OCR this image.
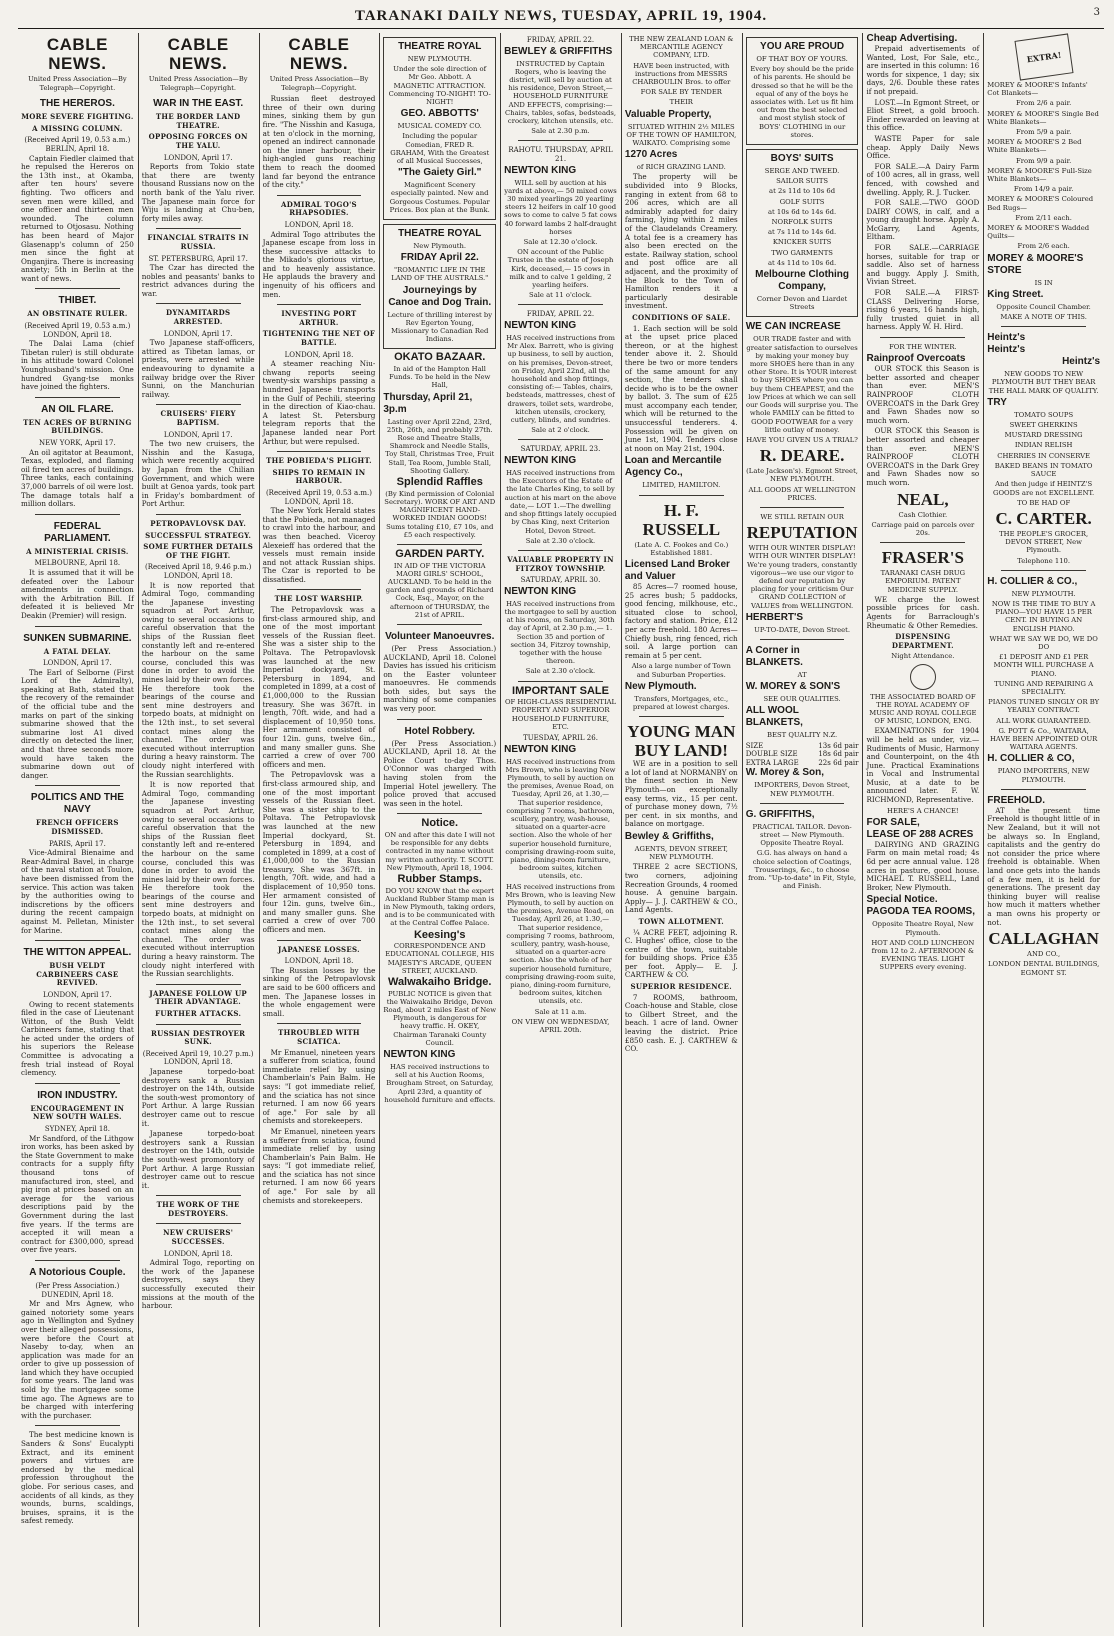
TARANAKI DAILY NEWS, TUESDAY, APRIL 19, 1904.	3
CABLE NEWS.
United Press Association—By Telegraph—Copyright.
THE HEREROS.
MORE SEVERE FIGHTING.
A MISSING COLUMN.
(Received April 19, 0.53 a.m.) BERLIN, April 18.

Captain Fiedler claimed that he repulsed the Hereros on the 13th inst., at Okamba, after ten hours' severe fighting. Two officers and seven men were killed, and one officer and thirteen men wounded. The column returned to Otjosasu. Nothing has been heard of Major Glasenapp's column of 250 men since the fight at Onganjira. There is increasing anxiety; 5th in Berlin at the want of news.

THIBET.
AN OBSTINATE RULER.
(Received April 19, 0.53 a.m.) LONDON, April 18.

The Dalai Lama (chief Tibetan ruler) is still obdurate in his attitude toward Colonel Younghusband's mission. One hundred Gyang-tse monks have joined the fighters.

AN OIL FLARE.
TEN ACRES OF BURNING BUILDINGS.
NEW YORK, April 17.

An oil agitator at Beaumont, Texas, exploded, and flaming oil fired ten acres of buildings. Three tanks, each containing 37,000 barrels of oil were lost. The damage totals half a million dollars.

FEDERAL PARLIAMENT.
A MINISTERIAL CRISIS.
MELBOURNE, April 18.

It is assumed that it will be defeated over the Labour amendments in connection with the Arbitration Bill. If defeated it is believed Mr Deakin (Premier) will resign.

SUNKEN SUBMARINE.
A FATAL DELAY.
LONDON, April 17.

The Earl of Selborne (First Lord of the Admiralty), speaking at Bath, stated that the recovery of the remainder of the official tube and the marks on part of the sinking submarine showed that the submarine lost A1 dived directly on detected the liner, and that three seconds more would have taken the submarine down out of danger.

POLITICS AND THE NAVY
FRENCH OFFICERS DISMISSED.
PARIS, April 17.

Vice-Admiral Bienaime and Rear-Admiral Bavel, in charge of the naval station at Toulon, have been dismissed from the service. This action was taken by the authorities owing to indiscretions by the officers during the recent campaign against M. Pelletan, Minister for Marine.

THE WITTON APPEAL.
BUSH VELDT CARBINEERS CASE REVIVED.
LONDON, April 17.

Owing to recent statements filed in the case of Lieutenant Witton, of the Bush Veldt Carbineers fame, stating that he acted under the orders of his superiors the Release Committee is advocating a fresh trial instead of Royal clemency.

IRON INDUSTRY.
ENCOURAGEMENT IN NEW SOUTH WALES.
SYDNEY, April 18.

Mr Sandford, of the Lithgow iron works, has been asked by the State Government to make contracts for a supply fifty thousand tons of manufactured iron, steel, and pig iron at prices based on an average for the various descriptions paid by the Government during the last five years. If the terms are accepted it will mean a contract for £300,000, spread over five years.

A Notorious Couple.
(Per Press Association.) DUNEDIN, April 18.

Mr and Mrs Agnew, who gained notoriety some years ago in Wellington and Sydney over their alleged possessions, were before the Court at Naseby to-day, when an application was made for an order to give up possession of land which they have occupied for some years. The land was sold by the mortgagee some time ago. The Agnews are to be charged with interfering with the purchaser.

The best medicine known is Sanders & Sons' Eucalypti Extract, and its eminent powers and virtues are endorsed by the medical profession throughout the globe. For serious cases, and accidents of all kinds, as they wounds, burns, scaldings, bruises, sprains, it is the safest remedy.

CABLE NEWS.
United Press Association—By Telegraph—Copyright.
WAR IN THE EAST.
THE BORDER LAND THEATRE.
OPPOSING FORCES ON THE YALU.
LONDON, April 17.

Reports from Tokio state that there are twenty thousand Russians now on the north bank of the Yalu river. The Japanese main force for Wiju is landing at Chu-ben, forty miles away.

FINANCIAL STRAITS IN RUSSIA.
ST. PETERSBURG, April 17.

The Czar has directed the nobles and peasants' banks to restrict advances during the war.

DYNAMITARDS ARRESTED.
LONDON, April 17.

Two Japanese staff-officers, attired as Tibetan lamas, or priests, were arrested while endeavouring to dynamite a railway bridge over the River Sunni, on the Manchurian railway.

CRUISERS' FIERY BAPTISM.
LONDON, April 17.

The two new cruisers, the Nisshin and the Kasuga, which were recently acquired by Japan from the Chilian Government, and which were built at Genoa yards, took part in Friday's bombardment of Port Arthur.

PETROPAVLOVSK DAY.
SUCCESSFUL STRATEGY.
SOME FURTHER DETAILS OF THE FIGHT.
(Received April 18, 9.46 p.m.) LONDON, April 18.

It is now reported that Admiral Togo, commanding the Japanese investing squadron at Port Arthur, owing to several occasions to careful observation that the ships of the Russian fleet constantly left and re-entered the harbour on the same course, concluded this was done in order to avoid the mines laid by their own forces. He therefore took the bearings of the course and sent mine destroyers and torpedo boats, at midnight on the 12th inst., to set several contact mines along the channel. The order was executed without interruption during a heavy rainstorm. The cloudy night interfered with the Russian searchlights.

It is now reported that Admiral Togo, commanding the Japanese investing squadron at Port Arthur, owing to several occasions to careful observation that the ships of the Russian fleet constantly left and re-entered the harbour on the same course, concluded this was done in order to avoid the mines laid by their own forces. He therefore took the bearings of the course and sent mine destroyers and torpedo boats, at midnight on the 12th inst., to set several contact mines along the channel. The order was executed without interruption during a heavy rainstorm. The cloudy night interfered with the Russian searchlights.

JAPANESE FOLLOW UP THEIR ADVANTAGE.
FURTHER ATTACKS.
RUSSIAN DESTROYER SUNK.
(Received April 19, 10.27 p.m.) LONDON, April 18.

Japanese torpedo-boat destroyers sank a Russian destroyer on the 14th, outside the south-west promontory of Port Arthur. A large Russian destroyer came out to rescue it.

Japanese torpedo-boat destroyers sank a Russian destroyer on the 14th, outside the south-west promontory of Port Arthur. A large Russian destroyer came out to rescue it.

THE WORK OF THE DESTROYERS.
NEW CRUISERS' SUCCESSES.
LONDON, April 18.

Admiral Togo, reporting on the work of the Japanese destroyers, says they successfully executed their missions at the mouth of the harbour.

CABLE NEWS.
United Press Association—By Telegraph—Copyright.

Russian fleet destroyed three of their own during mines, sinking them by gun fire. "The Nisshin and Kasuga, at ten o'clock in the morning, opened an indirect cannonade on the inner harbour, their high-angled guns reaching them to reach the doomed land far beyond the entrance of the city."

ADMIRAL TOGO'S RHAPSODIES.
LONDON, April 18.

Admiral Togo attributes the Japanese escape from loss in these successive attacks to the Mikado's glorious virtue, and to heavenly assistance. He applauds the bravery and ingenuity of his officers and men.

INVESTING PORT ARTHUR.
TIGHTENING THE NET OF BATTLE.
LONDON, April 18.

A steamer reaching Niu-chwang reports seeing twenty-six warships passing a hundred Japanese transports in the Gulf of Pechili, steering in the direction of Kiao-chau. A latest St. Petersburg telegram reports that the Japanese landed near Port Arthur, but were repulsed.

THE POBIEDA'S PLIGHT.
SHIPS TO REMAIN IN HARBOUR.
(Received April 19, 0.53 a.m.) LONDON, April 18.

The New York Herald states that the Pobieda, not managed to crawl into the harbour, and was then beached. Viceroy Alexeieff has ordered that the vessels must remain inside and not attack Russian ships. The Czar is reported to be dissatisfied.

THE LOST WARSHIP.

The Petropavlovsk was a first-class armoured ship, and one of the most important vessels of the Russian fleet. She was a sister ship to the Poltava. The Petropavlovsk was launched at the new Imperial dockyard, St. Petersburg in 1894, and completed in 1899, at a cost of £1,000,000 to the Russian treasury. She was 367ft. in length, 70ft. wide, and had a displacement of 10,950 tons. Her armament consisted of four 12in. guns, twelve 6in., and many smaller guns. She carried a crew of over 700 officers and men.

The Petropavlovsk was a first-class armoured ship, and one of the most important vessels of the Russian fleet. She was a sister ship to the Poltava. The Petropavlovsk was launched at the new Imperial dockyard, St. Petersburg in 1894, and completed in 1899, at a cost of £1,000,000 to the Russian treasury. She was 367ft. in length, 70ft. wide, and had a displacement of 10,950 tons. Her armament consisted of four 12in. guns, twelve 6in., and many smaller guns. She carried a crew of over 700 officers and men.

JAPANESE LOSSES.
LONDON, April 18.

The Russian losses by the sinking of the Petropavlovsk are said to be 600 officers and men. The Japanese losses in the whole engagement were small.

THROUBLED WITH SCIATICA.

Mr Emanuel, nineteen years a sufferer from sciatica, found immediate relief by using Chamberlain's Pain Balm. He says: "I got immediate relief, and the sciatica has not since returned. I am now 66 years of age." For sale by all chemists and storekeepers.

Mr Emanuel, nineteen years a sufferer from sciatica, found immediate relief by using Chamberlain's Pain Balm. He says: "I got immediate relief, and the sciatica has not since returned. I am now 66 years of age." For sale by all chemists and storekeepers.

THEATRE ROYAL
NEW PLYMOUTH.
Under the sole direction of Mr Geo. Abbott. A MAGNETIC ATTRACTION. Commencing TO-NIGHT! TO-NIGHT!
GEO. ABBOTTS'
MUSICAL COMEDY CO.
Including the popular Comedian, FRED R. GRAHAM, With the Greatest of all Musical Successes,
"The Gaiety Girl."
Magnificent Scenery especially painted. New and Gorgeous Costumes. Popular Prices. Box plan at the Bunk.
THEATRE ROYAL
New Plymouth.
FRIDAY April 22.
"ROMANTIC LIFE IN THE LAND OF THE AUSTRALS."
Journeyings by Canoe and Dog Train.
Lecture of thrilling interest by Rev Egerton Young, Missionary to Canadian Red Indians.
OKATO BAZAAR.
In aid of the Hampton Hall Funds. To be held in the New Hall,
Thursday, April 21, 3p.m
Lasting over April 22nd, 23rd, 25th, 26th, and probably 27th. Rose and Theatre Stalls, Shamrock and Needle Stalls, Toy Stall, Christmas Tree, Fruit Stall, Tea Room, Jumble Stall, Shooting Gallery.
Splendid Raffles
(By Kind permission of Colonial Secretary). WORK OF ART AND MAGNIFICENT HAND-WORKED INDIAN GOODS! Sums totaling £10, £7 10s, and £5 each respectively.
GARDEN PARTY.
IN AID OF THE VICTORIA MAORI GIRLS' SCHOOL, AUCKLAND. To be held in the garden and grounds of Richard Cock, Esq., Mayor, on the afternoon of THURSDAY, the 21st of APRIL.
Volunteer Manoeuvres.

(Per Press Association.) AUCKLAND, April 18. Colonel Davies has issued his criticism on the Easter volunteer manoeuvres. He commends both sides, but says the marching of some companies was very poor.

Hotel Robbery.

(Per Press Association.) AUCKLAND, April 18. At the Police Court to-day Thos. O'Connor was charged with having stolen from the Imperial Hotel jewellery. The police proved that accused was seen in the hotel.

Notice.
ON and after this date I will not be responsible for any debts contracted in my name without my written authority. T. SCOTT. New Plymouth, April 18, 1904.
Rubber Stamps.
DO YOU KNOW that the expert Auckland Rubber Stamp man is in New Plymouth, taking orders, and is to be communicated with at the Central Coffee Palace.
Keesing's
CORRESPONDENCE AND EDUCATIONAL COLLEGE, HIS MAJESTY'S ARCADE, QUEEN STREET, AUCKLAND.
Walwakaiho Bridge.
PUBLIC NOTICE is given that the Waiwakaiho Bridge, Devon Road, about 2 miles East of New Plymouth, is dangerous for heavy traffic. H. OKEY, Chairman Taranaki County Council.
NEWTON KING
HAS received instructions to sell at his Auction Rooms, Brougham Street, on Saturday, April 23rd, a quantity of household furniture and effects.
FRIDAY, APRIL 22.
BEWLEY & GRIFFITHS
INSTRUCTED by Captain Rogers, who is leaving the district, will sell by auction at his residence, Devon Street,— HOUSEHOLD FURNITURE AND EFFECTS, comprising:— Chairs, tables, sofas, bedsteads, crockery, kitchen utensils, etc.
Sale at 2.30 p.m.
RAHOTU. THURSDAY, APRIL 21.
NEWTON KING
WILL sell by auction at his yards at above,— 50 mixed cows 30 mixed yearlings 20 yearling steers 12 heifers in calf 10 good sows to come to calve 5 fat cows 40 forward lambs 2 half-draught horses
Sale at 12.30 o'clock.
ON account of the Public Trustee in the estate of Joseph Kirk, deceased,— 15 cows in milk and to calve 1 gelding, 2 yearling heifers.
Sale at 11 o'clock.
FRIDAY, APRIL 22.
NEWTON KING
HAS received instructions from Mr Alex. Barrett, who is giving up business, to sell by auction, on his premises, Devon-street, on Friday, April 22nd, all the household and shop fittings, consisting of:— Tables, chairs, bedsteads, mattresses, chest of drawers, toilet sets, wardrobe, kitchen utensils, crockery, cutlery, blinds, and sundries.
Sale at 2 o'clock.
SATURDAY, APRIL 23.
NEWTON KING
HAS received instructions from the Executors of the Estate of the late Charles King, to sell by auction at his mart on the above date,— LOT 1.—The dwelling and shop fittings lately occupied by Chas King, next Criterion Hotel, Devon Street.
Sale at 2.30 o'clock.
VALUABLE PROPERTY IN FITZROY TOWNSHIP.
SATURDAY, APRIL 30.
NEWTON KING
HAS received instructions from the mortgagee to sell by auction at his rooms, on Saturday, 30th day of April, at 2.30 p.m.,— 1. Section 35 and portion of section 34, Fitzroy township, together with the house thereon.
Sale at 2.30 o'clock.
IMPORTANT SALE
OF HIGH-CLASS RESIDENTIAL PROPERTY AND SUPERIOR HOUSEHOLD FURNITURE, ETC.
TUESDAY, APRIL 26.
NEWTON KING
HAS received instructions from Mrs Brown, who is leaving New Plymouth, to sell by auction on the premises, Avenue Road, on Tuesday, April 26, at 1.30,— That superior residence, comprising 7 rooms, bathroom, scullery, pantry, wash-house, situated on a quarter-acre section. Also the whole of her superior household furniture, comprising drawing-room suite, piano, dining-room furniture, bedroom suites, kitchen utensils, etc.
HAS received instructions from Mrs Brown, who is leaving New Plymouth, to sell by auction on the premises, Avenue Road, on Tuesday, April 26, at 1.30,— That superior residence, comprising 7 rooms, bathroom, scullery, pantry, wash-house, situated on a quarter-acre section. Also the whole of her superior household furniture, comprising drawing-room suite, piano, dining-room furniture, bedroom suites, kitchen utensils, etc.
Sale at 11 a.m.
ON VIEW ON WEDNESDAY, APRIL 20th.
THE NEW ZEALAND LOAN & MERCANTILE AGENCY COMPANY, LTD.
HAVE been instructed, with instructions from MESSRS CHARBOULIN Bros. to offer
FOR SALE BY TENDER
THEIR
Valuable Property,
SITUATED WITHIN 2½ MILES OF THE TOWN OF HAMILTON, WAIKATO. Comprising some
1270 Acres
of RICH GRAZING LAND.

The property will be subdivided into 9 Blocks, ranging in extent from 68 to 206 acres, which are all admirably adapted for dairy farming, lying within 2 miles of the Claudelands Creamery. A total fee is a creamery has also been erected on the estate. Railway station, school and post office are all adjacent, and the proximity of the Block to the Town of Hamilton renders it a particularly desirable investment.

CONDITIONS OF SALE.

1. Each section will be sold at the upset price placed thereon, or at the highest tender above it. 2. Should there be two or more tenders of the same amount for any section, the tenders shall decide who is to be the owner by ballot. 3. The sum of £25 must accompany each tender, which will be returned to the unsuccessful tenderers. 4. Possession will be given on June 1st, 1904. Tenders close at noon on May 21st, 1904.

Loan and Mercantile Agency Co.,
LIMITED, HAMILTON.
H. F. RUSSELL
(Late A. C. Fookes and Co.) Established 1881.
Licensed Land Broker and Valuer

85 Acres—7 roomed house, 25 acres bush; 5 paddocks, good fencing, milkhouse, etc., situated close to school, factory and station. Price, £12 per acre freehold. 180 Acres—Chiefly bush, ring fenced, rich soil. A large portion can remain at 5 per cent.

Also a large number of Town and Suburban Properties.
New Plymouth.
Transfers, Mortgages, etc., prepared at lowest charges.
YOUNG MAN BUY LAND!

WE are in a position to sell a lot of land at NORMANBY on the finest section in New Plymouth—on exceptionally easy terms, viz., 15 per cent. of purchase money down, 7½ per cent. in six months, and balance on mortgage.

Bewley & Griffiths,
AGENTS, DEVON STREET, NEW PLYMOUTH.

THREE 2 acre SECTIONS, two corners, adjoining Recreation Grounds, 4 roomed house. A genuine bargain. Apply— J. J. CARTHEW & CO., Land Agents.

TOWN ALLOTMENT.

¼ ACRE FEET, adjoining R. C. Hughes' office, close to the centre of the town, suitable for building shops. Price £35 per foot. Apply— E. J. CARTHEW & CO.

SUPERIOR RESIDENCE.

7 ROOMS, bathroom, Coach-house and Stable, close to Gilbert Street, and the beach. 1 acre of land. Owner leaving the district. Price £850 cash. E. J. CARTHEW & CO.

YOU ARE PROUD
OF THAT BOY OF YOURS.
Every boy should be the pride of his parents. He should be dressed so that he will be the equal of any of the boys he associates with. Let us fit him out from the best selected and most stylish stock of BOYS' CLOTHING in our stores.
BOYS' SUITS
SERGE AND TWEED.
SAILOR SUITS
at 2s 11d to 10s 6d
GOLF SUITS
at 10s 6d to 14s 6d.
NORFOLK SUITS
at 7s 11d to 14s 6d.
KNICKER SUITS
TWO GARMENTS
at 4s 11d to 10s 6d.
Melbourne Clothing Company,
Corner Devon and Liardet Streets
WE CAN INCREASE
OUR TRADE faster and with greater satisfaction to ourselves by making your money buy more SHOES here than in any other Store. It is YOUR interest to buy SHOES where you can buy them CHEAPEST, and the low Prices at which we can sell our Goods will surprise you. The whole FAMILY can be fitted to GOOD FOOTWEAR for a very little outlay of money.
HAVE YOU GIVEN US A TRIAL?
R. DEARE.
(Late Jackson's). Egmont Street, NEW PLYMOUTH.
ALL GOODS AT WELLINGTON PRICES.
WE STILL RETAIN OUR
REPUTATION
WITH OUR WINTER DISPLAY! WITH OUR WINTER DISPLAY! We're young traders, constantly vigorous—we use our vigor to defend our reputation by placing for your criticism Our GRAND COLLECTION of VALUES from WELLINGTON.
HERBERT'S
UP-TO-DATE, Devon Street.
A Corner in BLANKETS.
AT
W. MOREY & SON'S
SEE OUR QUALITIES.
ALL WOOL BLANKETS,
BEST QUALITY N.Z.
SIZE	13s 6d pair
DOUBLE SIZE	18s 6d pair
EXTRA LARGE	22s 6d pair
W. Morey & Son,
IMPORTERS, Devon Street, NEW PLYMOUTH.
G. GRIFFITHS,
PRACTICAL TAILOR. Devon-street — New Plymouth. Opposite Theatre Royal.
G.G. has always on hand a choice selection of Coatings, Trouserings, &c., to choose from. "Up-to-date" in Fit, Style, and Finish.
Cheap Advertising.

Prepaid advertisements of Wanted, Lost, For Sale, etc., are inserted in this column: 16 words for sixpence, 1 day; six days, 2/6. Double these rates if not prepaid.

LOST.—In Egmont Street, or Eliot Street, a gold brooch. Finder rewarded on leaving at this office.

WASTE Paper for sale cheap. Apply Daily News Office.

FOR SALE.—A Dairy Farm of 100 acres, all in grass, well fenced, with cowshed and dwelling. Apply, R. J. Tucker.

FOR SALE.—TWO GOOD DAIRY COWS, in calf, and a young draught horse. Apply A. McGarry, Land Agents, Eltham.

FOR SALE.—CARRIAGE horses, suitable for trap or saddle. Also set of harness and buggy. Apply J. Smith, Vivian Street.

FOR SALE.—A FIRST-CLASS Delivering Horse, rising 6 years, 16 hands high, fully trusted quiet in all harness. Apply W. H. Hird.

FOR THE WINTER.
Rainproof Overcoats

OUR STOCK this Season is better assorted and cheaper than ever. MEN'S RAINPROOF CLOTH OVERCOATS in the Dark Grey and Fawn Shades now so much worn.

OUR STOCK this Season is better assorted and cheaper than ever. MEN'S RAINPROOF CLOTH OVERCOATS in the Dark Grey and Fawn Shades now so much worn.

NEAL,
Cash Clothier.
Carriage paid on parcels over 20s.
FRASER'S
TARANAKI CASH DRUG EMPORIUM. PATENT MEDICINE SUPPLY.

WE charge the lowest possible prices for cash. Agents for Barraclough's Rheumatic & Other Remedies.

DISPENSING DEPARTMENT.
Night Attendance.
THE ASSOCIATED BOARD OF THE ROYAL ACADEMY OF MUSIC AND ROYAL COLLEGE OF MUSIC, LONDON, ENG.

EXAMINATIONS for 1904 will be held as under, viz.— Rudiments of Music, Harmony and Counterpoint, on the 4th June. Practical Examinations in Vocal and Instrumental Music, at a date to be announced later. F. W. RICHMOND, Representative.

HERE'S A CHANCE!
FOR SALE,
LEASE OF 288 ACRES

DAIRYING AND GRAZING Farm on main metal road; 4s 6d per acre annual value. 128 acres in pasture, good house. MICHAEL T. RUSSELL, Land Broker, New Plymouth.

Special Notice.
PAGODA TEA ROOMS,
Opposite Theatre Royal, New Plymouth.
HOT AND COLD LUNCHEON from 12 to 2. AFTERNOON & EVENING TEAS. LIGHT SUPPERS every evening.
EXTRA!
MOREY & MOORE'S Infants' Cot Blankets—
From 2/6 a pair.
MOREY & MOORE'S Single Bed White Blankets—
From 5/9 a pair.
MOREY & MOORE'S 2 Bed White Blankets—
From 9/9 a pair.
MOREY & MOORE'S Full-Size White Blankets—
From 14/9 a pair.
MOREY & MOORE'S Coloured Bed Rugs—
From 2/11 each.
MOREY & MOORE'S Wadded Quilts—
From 2/6 each.
MOREY & MOORE'S STORE
IS IN
King Street.
Opposite Council Chamber.
MAKE A NOTE OF THIS.
Heintz's
Heintz's
Heintz's
NEW GOODS TO NEW PLYMOUTH BUT THEY BEAR THE HALL MARK OF QUALITY.
TRY
TOMATO SOUPS
SWEET GHERKINS
MUSTARD DRESSING
INDIAN RELISH
CHERRIES IN CONSERVE
BAKED BEANS IN TOMATO SAUCE
And then judge if HEINTZ'S GOODS are not EXCELLENT.
TO BE HAD OF
C. CARTER.
THE PEOPLE'S GROCER, DEVON STREET, New Plymouth.
Telephone 110.
H. COLLIER & CO.,
NEW PLYMOUTH.
NOW IS THE TIME TO BUY A PIANO—YOU HAVE 15 PER CENT. IN BUYING AN ENGLISH PIANO.
WHAT WE SAY WE DO, WE DO DO
£1 DEPOSIT AND £1 PER MONTH WILL PURCHASE A PIANO.
TUNING AND REPAIRING A SPECIALITY.
PIANOS TUNED SINGLY OR BY YEARLY CONTRACT.
ALL WORK GUARANTEED.
G. POTT & Co., WAITARA, HAVE BEEN APPOINTED OUR WAITARA AGENTS.
H. COLLIER & CO,
PIANO IMPORTERS, NEW PLYMOUTH.
FREEHOLD.

AT the present time Freehold is thought little of in New Zealand, but it will not be always so. In England, capitalists and the gentry do not consider the price where freehold is obtainable. When land once gets into the hands of a few men, it is held for generations. The present day thinking buyer will realise how much it matters whether a man owns his property or not.

CALLAGHAN
AND CO.,
LONDON DENTAL BUILDINGS, EGMONT ST.
